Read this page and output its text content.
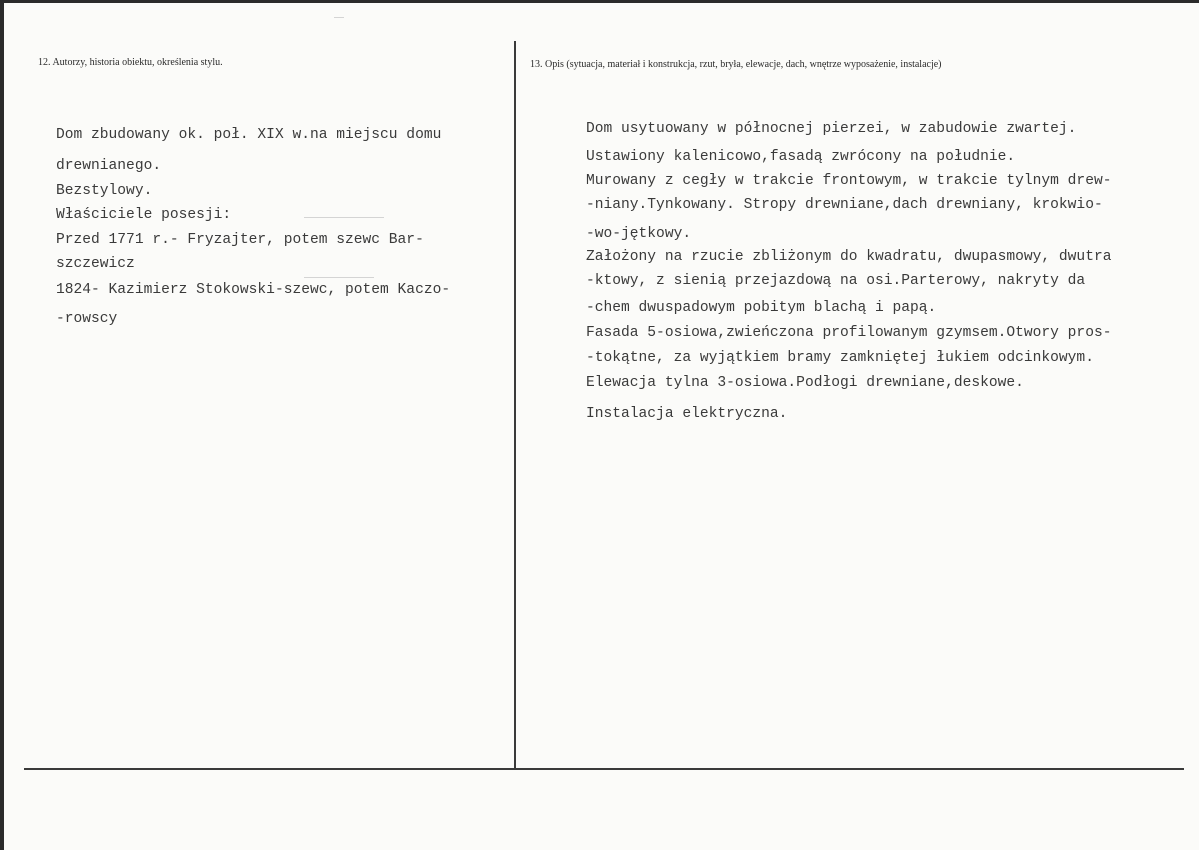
12. Autorzy, historia obiektu, określenia stylu.	13. Opis (sytuacja, materiał i konstrukcja, rzut, bryła, elewacje, dach, wnętrze wyposażenie, instalacje)

Dom zbudowany ok. poł. XIX w.na miejscu domu

drewnianego.

Bezstylowy.

Właściciele posesji:

Przed 1771 r.- Fryzajter, potem szewc Bar-

szczewicz

1824- Kazimierz Stokowski-szewc, potem Kaczo-

-rowscy

Dom usytuowany w północnej pierzei, w zabudowie zwartej.

Ustawiony kalenicowo,fasadą zwrócony na południe.

Murowany z cegły w trakcie frontowym, w trakcie tylnym drew-

-niany.Tynkowany. Stropy drewniane,dach drewniany, krokwio-

-wo-jętkowy.

Założony na rzucie zbliżonym do kwadratu, dwupasmowy, dwutra

-ktowy, z sienią przejazdową na osi.Parterowy, nakryty da

-chem dwuspadowym pobitym blachą i papą.

Fasada 5-osiowa,zwieńczona profilowanym gzymsem.Otwory pros-

-tokątne, za wyjątkiem bramy zamkniętej łukiem odcinkowym.

Elewacja tylna 3-osiowa.Podłogi drewniane,deskowe.

Instalacja elektryczna.
